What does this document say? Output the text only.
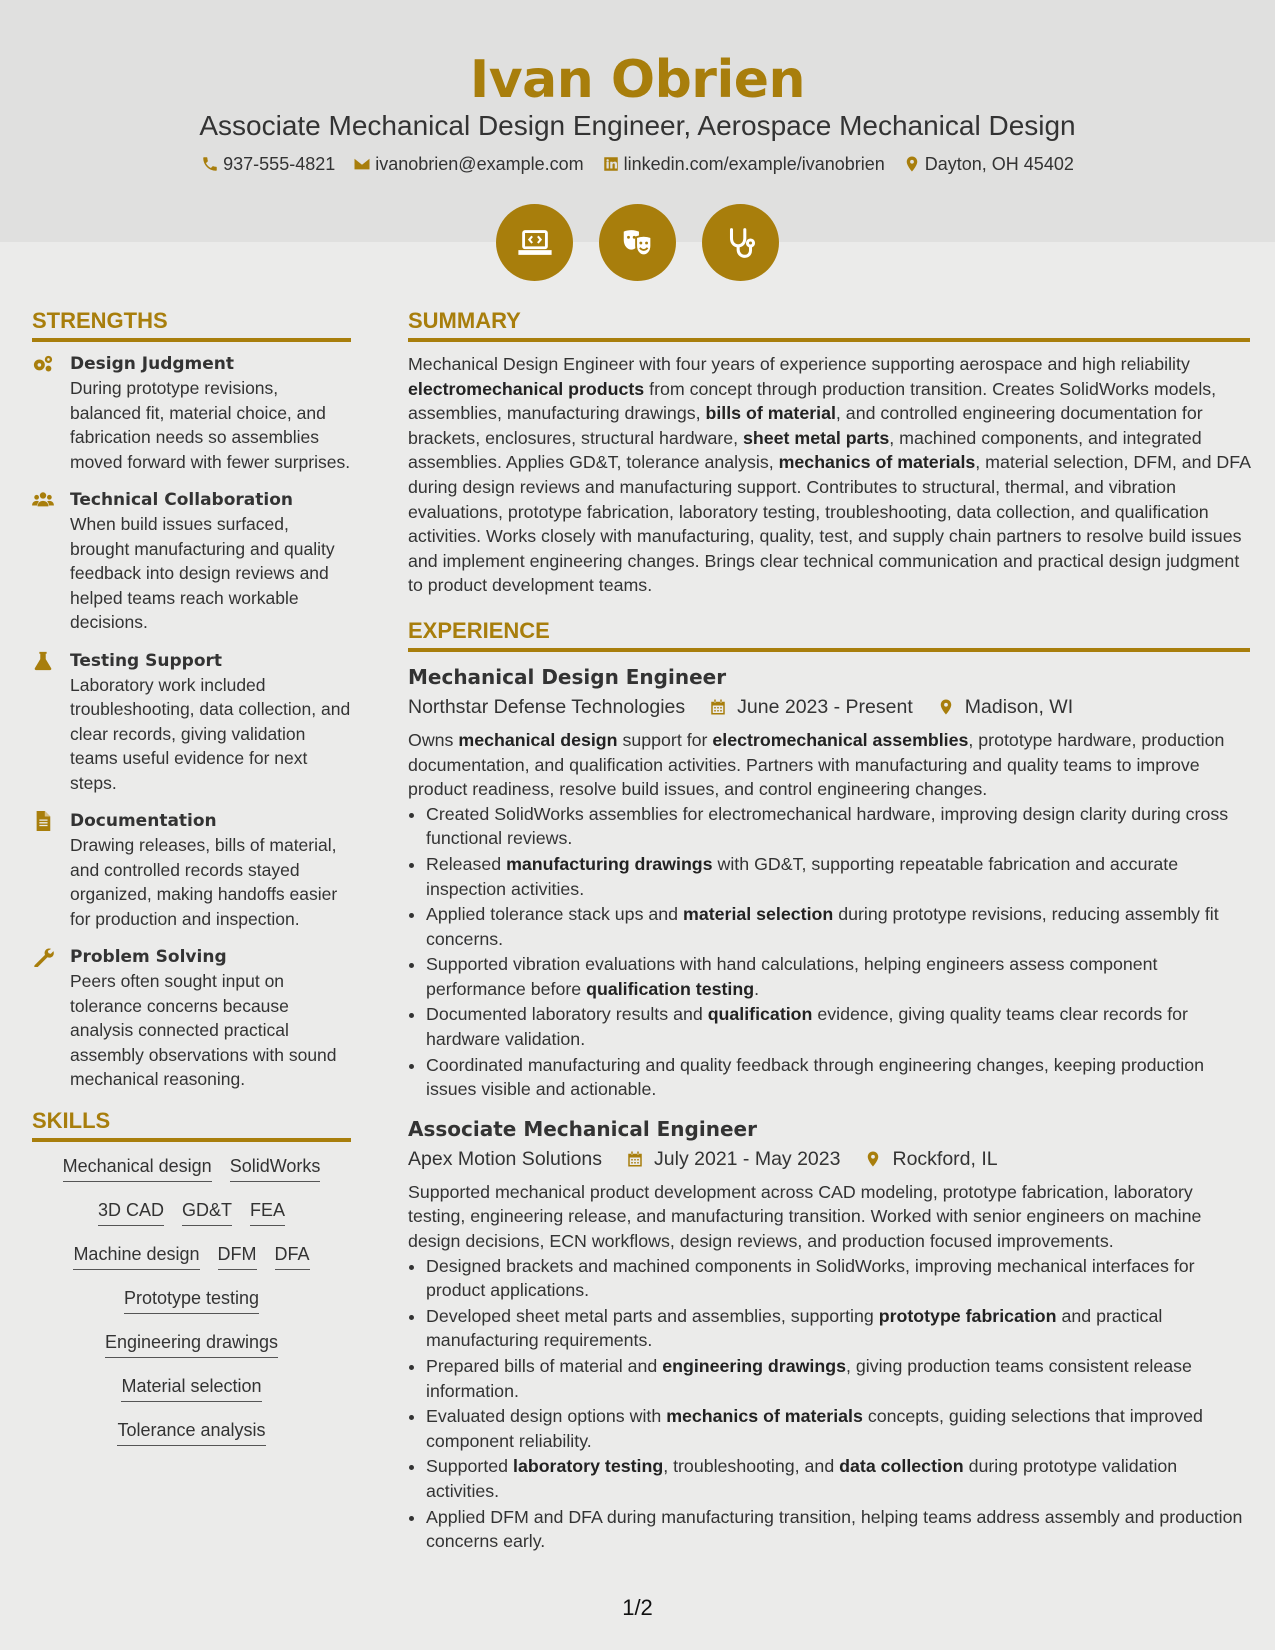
Ivan Obrien
Associate Mechanical Design Engineer, Aerospace Mechanical Design
937-555-4821 ivanobrien@example.com linkedin.com/example/ivanobrien Dayton, OH 45402
STRENGTHS
Design Judgment
During prototype revisions, balanced fit, material choice, and fabrication needs so assemblies moved forward with fewer surprises.
Technical Collaboration
When build issues surfaced, brought manufacturing and quality feedback into design reviews and helped teams reach workable decisions.
Testing Support
Laboratory work included troubleshooting, data collection, and clear records, giving validation teams useful evidence for next steps.
Documentation
Drawing releases, bills of material, and controlled records stayed organized, making handoffs easier for production and inspection.
Problem Solving
Peers often sought input on tolerance concerns because analysis connected practical assembly observations with sound mechanical reasoning.
SKILLS
Mechanical design SolidWorks
3D CAD GD&T FEA
Machine design DFM DFA
Prototype testing
Engineering drawings
Material selection
Tolerance analysis
SUMMARY
Mechanical Design Engineer with four years of experience supporting aerospace and high reliability electromechanical products from concept through production transition. Creates SolidWorks models, assemblies, manufacturing drawings, bills of material, and controlled engineering documentation for brackets, enclosures, structural hardware, sheet metal parts, machined components, and integrated assemblies. Applies GD&T, tolerance analysis, mechanics of materials, material selection, DFM, and DFA during design reviews and manufacturing support. Contributes to structural, thermal, and vibration evaluations, prototype fabrication, laboratory testing, troubleshooting, data collection, and qualification activities. Works closely with manufacturing, quality, test, and supply chain partners to resolve build issues and implement engineering changes. Brings clear technical communication and practical design judgment to product development teams.
EXPERIENCE
Mechanical Design Engineer
Northstar Defense Technologies	June 2023 - Present	Madison, WI
Owns mechanical design support for electromechanical assemblies, prototype hardware, production documentation, and qualification activities. Partners with manufacturing and quality teams to improve product readiness, resolve build issues, and control engineering changes.
• Created SolidWorks assemblies for electromechanical hardware, improving design clarity during cross functional reviews.
• Released manufacturing drawings with GD&T, supporting repeatable fabrication and accurate inspection activities.
• Applied tolerance stack ups and material selection during prototype revisions, reducing assembly fit concerns.
• Supported vibration evaluations with hand calculations, helping engineers assess component performance before qualification testing.
• Documented laboratory results and qualification evidence, giving quality teams clear records for hardware validation.
• Coordinated manufacturing and quality feedback through engineering changes, keeping production issues visible and actionable.
Associate Mechanical Engineer
Apex Motion Solutions	July 2021 - May 2023	Rockford, IL
Supported mechanical product development across CAD modeling, prototype fabrication, laboratory testing, engineering release, and manufacturing transition. Worked with senior engineers on machine design decisions, ECN workflows, design reviews, and production focused improvements.
• Designed brackets and machined components in SolidWorks, improving mechanical interfaces for product applications.
• Developed sheet metal parts and assemblies, supporting prototype fabrication and practical manufacturing requirements.
• Prepared bills of material and engineering drawings, giving production teams consistent release information.
• Evaluated design options with mechanics of materials concepts, guiding selections that improved component reliability.
• Supported laboratory testing, troubleshooting, and data collection during prototype validation activities.
• Applied DFM and DFA during manufacturing transition, helping teams address assembly and production concerns early.
1/2
